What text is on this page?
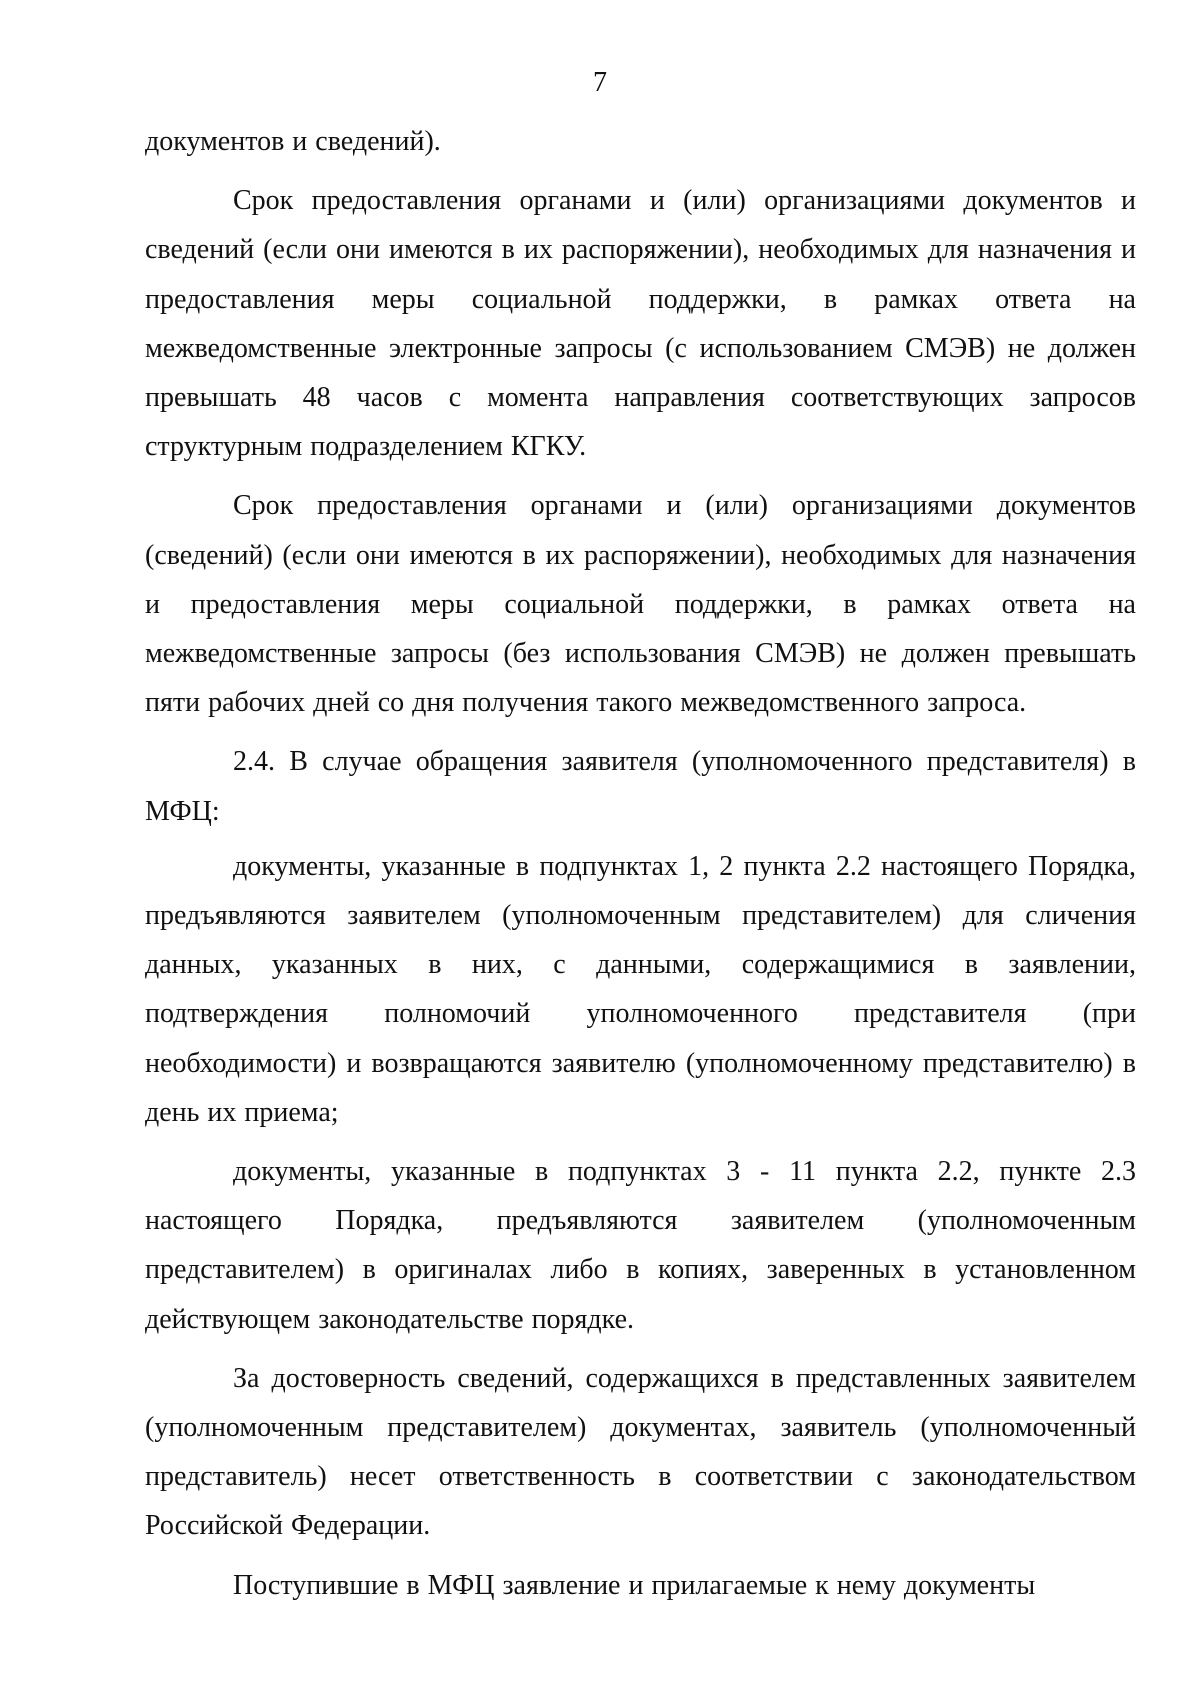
7

документов и сведений).

Срок предоставления органами и (или) организациями документов и сведений (если они имеются в их распоряжении), необходимых для назначения и предоставления меры социальной поддержки, в рамках ответа на межведомственные электронные запросы (с использованием СМЭВ) не должен превышать 48 часов с момента направления соответствующих запросов структурным подразделением КГКУ.

Срок предоставления органами и (или) организациями документов (сведений) (если они имеются в их распоряжении), необходимых для назначения и предоставления меры социальной поддержки, в рамках ответа на межведомственные запросы (без использования СМЭВ) не должен превышать пяти рабочих дней со дня получения такого межведомственного запроса.

2.4. В случае обращения заявителя (уполномоченного представителя) в МФЦ:

документы, указанные в подпунктах 1, 2 пункта 2.2 настоящего Порядка, предъявляются заявителем (уполномоченным представителем) для сличения данных, указанных в них, с данными, содержащимися в заявлении, подтверждения полномочий уполномоченного представителя (при необходимости) и возвращаются заявителю (уполномоченному представителю) в день их приема;

документы, указанные в подпунктах 3 - 11 пункта 2.2, пункте 2.3 настоящего Порядка, предъявляются заявителем (уполномоченным представителем) в оригиналах либо в копиях, заверенных в установленном действующем законодательстве порядке.

За достоверность сведений, содержащихся в представленных заявителем (уполномоченным представителем) документах, заявитель (уполномоченный представитель) несет ответственность в соответствии с законодательством Российской Федерации.

Поступившие в МФЦ заявление и прилагаемые к нему документы
